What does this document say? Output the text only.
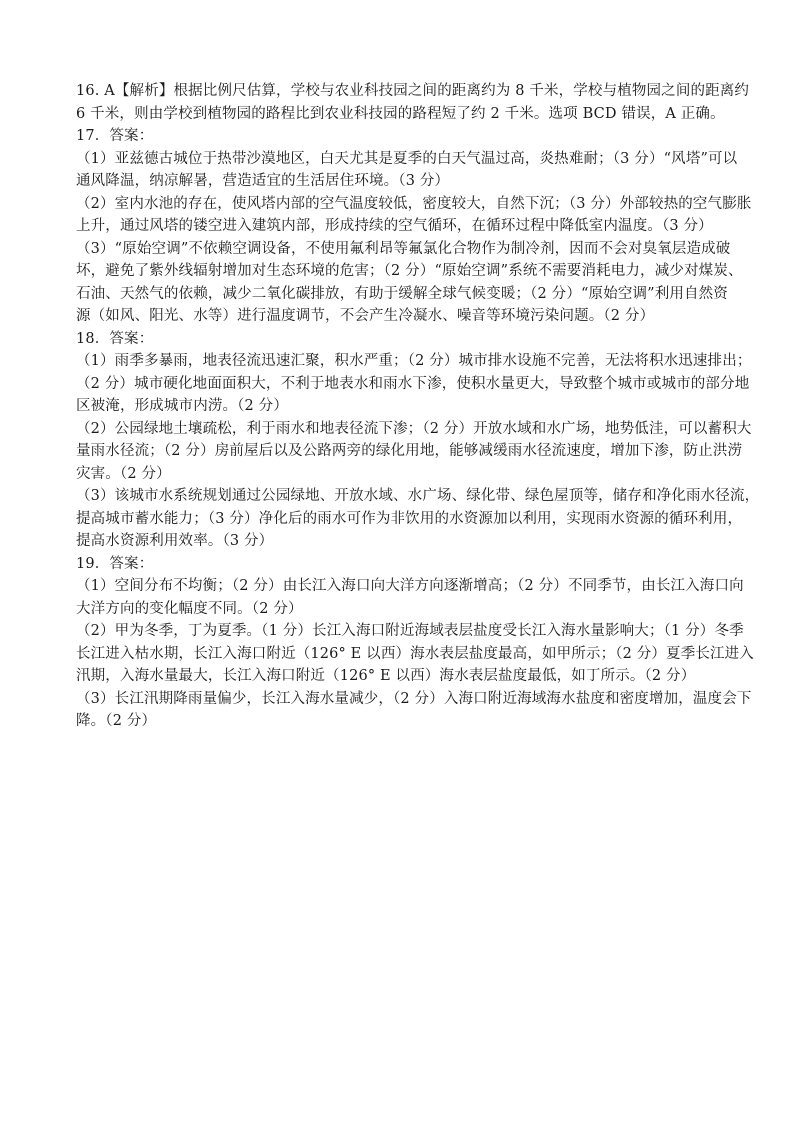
16. A【解析】根据比例尺估算，学校与农业科技园之间的距离约为 8 千米，学校与植物园之间的距离约
6 千米，则由学校到植物园的路程比到农业科技园的路程短了约 2 千米。选项 BCD 错误，A 正确。
17．答案：
（1）亚兹德古城位于热带沙漠地区，白天尤其是夏季的白天气温过高，炎热难耐；（3 分）“风塔”可以
通风降温，纳凉解暑，营造适宜的生活居住环境。（3 分）
（2）室内水池的存在，使风塔内部的空气温度较低，密度较大，自然下沉；（3 分）外部较热的空气膨胀
上升，通过风塔的镂空进入建筑内部，形成持续的空气循环，在循环过程中降低室内温度。（3 分）
（3）“原始空调”不依赖空调设备，不使用氟利昂等氟氯化合物作为制冷剂，因而不会对臭氧层造成破
坏，避免了紫外线辐射增加对生态环境的危害；（2 分）“原始空调”系统不需要消耗电力，减少对煤炭、
石油、天然气的依赖，减少二氧化碳排放，有助于缓解全球气候变暖；（2 分）“原始空调”利用自然资
源（如风、阳光、水等）进行温度调节，不会产生冷凝水、噪音等环境污染问题。（2 分）
18．答案：
（1）雨季多暴雨，地表径流迅速汇聚，积水严重；（2 分）城市排水设施不完善，无法将积水迅速排出；
（2 分）城市硬化地面面积大，不利于地表水和雨水下渗，使积水量更大，导致整个城市或城市的部分地
区被淹，形成城市内涝。（2 分）
（2）公园绿地土壤疏松，利于雨水和地表径流下渗；（2 分）开放水域和水广场，地势低洼，可以蓄积大
量雨水径流；（2 分）房前屋后以及公路两旁的绿化用地，能够减缓雨水径流速度，增加下渗，防止洪涝
灾害。（2 分）
（3）该城市水系统规划通过公园绿地、开放水域、水广场、绿化带、绿色屋顶等，储存和净化雨水径流，
提高城市蓄水能力；（3 分）净化后的雨水可作为非饮用的水资源加以利用，实现雨水资源的循环利用，
提高水资源利用效率。（3 分）
19．答案：
（1）空间分布不均衡；（2 分）由长江入海口向大洋方向逐渐增高；（2 分）不同季节，由长江入海口向
大洋方向的变化幅度不同。（2 分）
（2）甲为冬季，丁为夏季。（1 分）长江入海口附近海域表层盐度受长江入海水量影响大；（1 分）冬季
长江进入枯水期，长江入海口附近（126° E 以西）海水表层盐度最高，如甲所示；（2 分）夏季长江进入
汛期，入海水量最大，长江入海口附近（126° E 以西）海水表层盐度最低，如丁所示。（2 分）
（3）长江汛期降雨量偏少，长江入海水量减少，（2 分）入海口附近海域海水盐度和密度增加，温度会下
降。（2 分）
